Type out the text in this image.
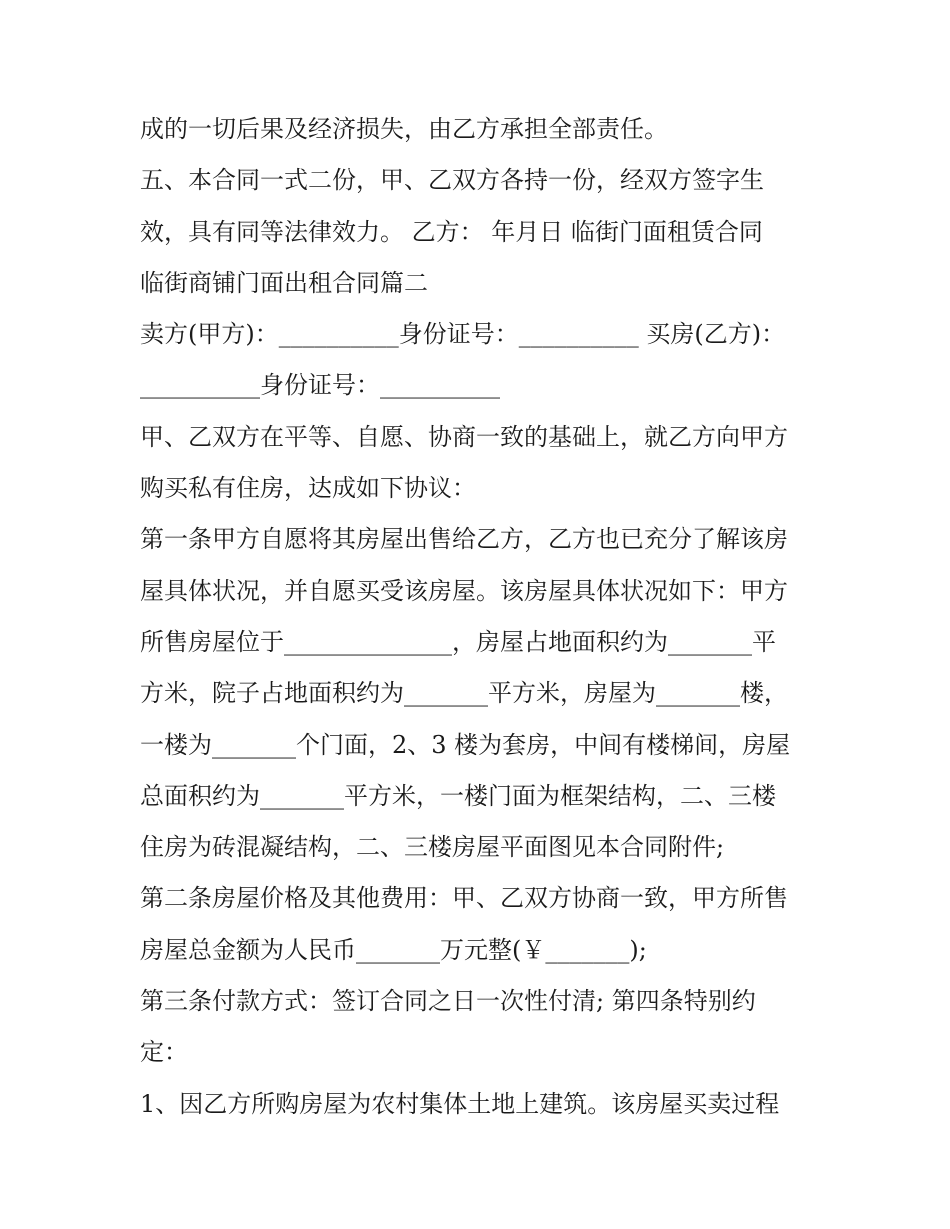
成的一切后果及经济损失，由乙方承担全部责任。
五、本合同一式二份，甲、乙双方各持一份，经双方签字生
效，具有同等法律效力。 乙方： 年月日 临街门面租赁合同
临街商铺门面出租合同篇二
卖方(甲方)：__________身份证号：__________ 买房(乙方)：
__________身份证号：__________
甲、乙双方在平等、自愿、协商一致的基础上，就乙方向甲方
购买私有住房，达成如下协议：
第一条甲方自愿将其房屋出售给乙方，乙方也已充分了解该房
屋具体状况，并自愿买受该房屋。该房屋具体状况如下：甲方
所售房屋位于______________，房屋占地面积约为_______平
方米，院子占地面积约为_______平方米，房屋为_______楼，
一楼为_______个门面，2、3 楼为套房，中间有楼梯间，房屋
总面积约为_______平方米，一楼门面为框架结构，二、三楼
住房为砖混凝结构，二、三楼房屋平面图见本合同附件;
第二条房屋价格及其他费用：甲、乙双方协商一致，甲方所售
房屋总金额为人民币_______万元整(￥_______);
第三条付款方式：签订合同之日一次性付清; 第四条特别约
定：
1、因乙方所购房屋为农村集体土地上建筑。该房屋买卖过程
